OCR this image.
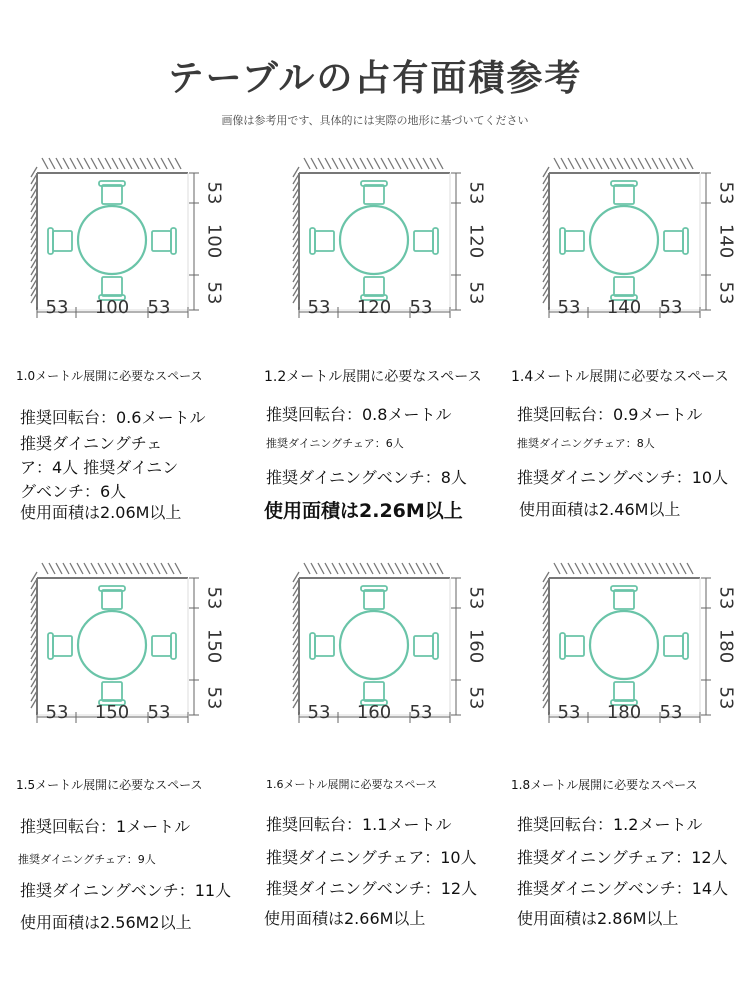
テーブルの占有面積参考
画像は参考用です、具体的には実際の地形に基づいてください
53 100 53
53
100
53
53 120 53
53
120
53
53 140 53
53
140
53
53 150 53
53
150
53
53 160 53
53
160
53
53 180 53
53
180
53
1.0メートル展開に必要なスペース
推奨回転台：0.6メートル
推奨ダイニングチェア：4人 推奨ダイニングベンチ：6人
使用面積は2.06M以上
1.2メートル展開に必要なスペース
推奨回転台：0.8メートル
推奨ダイニングチェア：6人
推奨ダイニングベンチ：8人
使用面積は2.26M以上
1.4メートル展開に必要なスペース
推奨回転台：0.9メートル
推奨ダイニングチェア：8人
推奨ダイニングベンチ：10人
使用面積は2.46M以上
1.5メートル展開に必要なスペース
推奨回転台：1メートル
推奨ダイニングチェア：9人
推奨ダイニングベンチ：11人
使用面積は2.56M2以上
1.6メートル展開に必要なスペース
推奨回転台：1.1メートル
推奨ダイニングチェア：10人
推奨ダイニングベンチ：12人
使用面積は2.66M以上
1.8メートル展開に必要なスペース
推奨回転台：1.2メートル
推奨ダイニングチェア：12人
推奨ダイニングベンチ：14人
使用面積は2.86M以上
